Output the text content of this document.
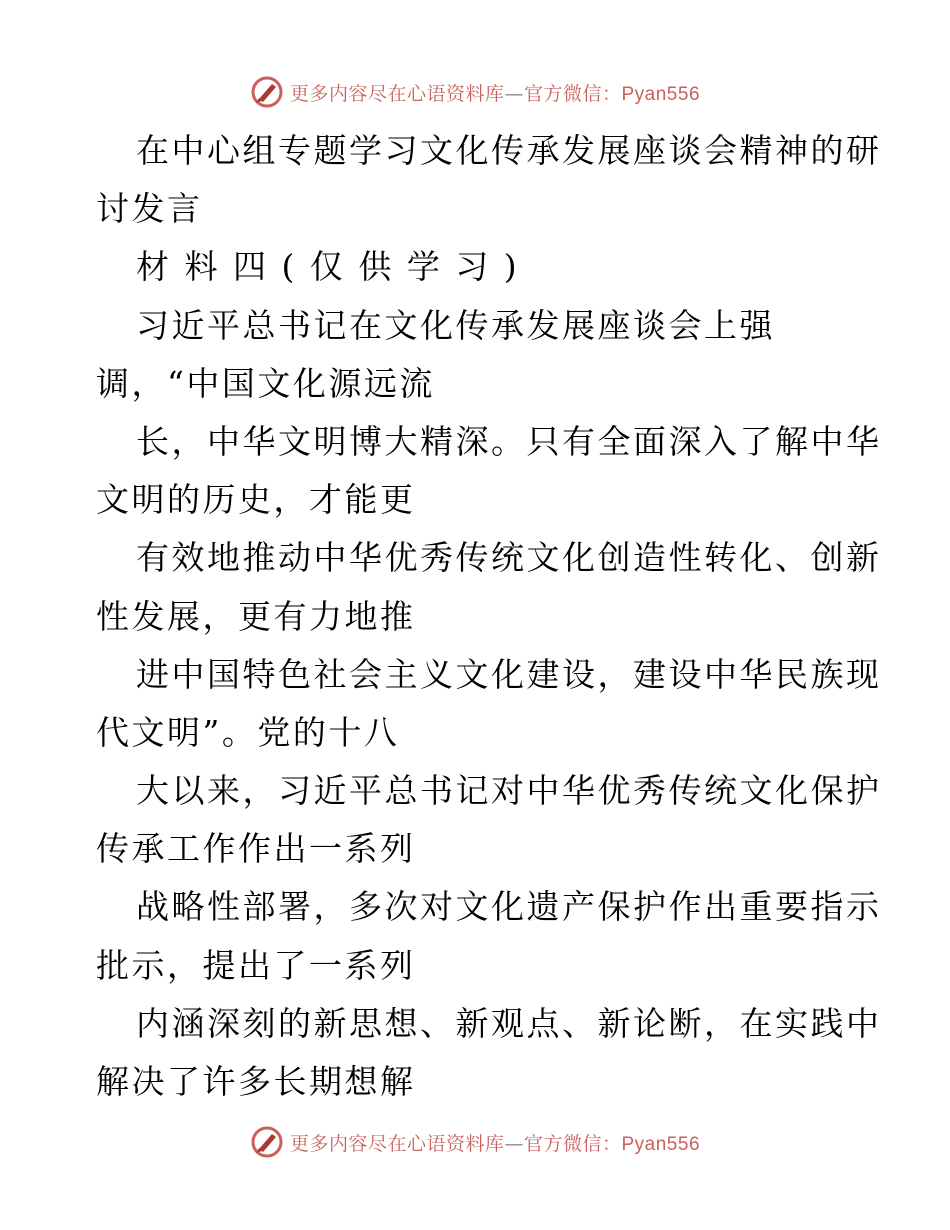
更多内容尽在心语资料库—官方微信：Pyan556
在中心组专题学习文化传承发展座谈会精神的研
讨发言
材 料 四 ( 仅 供 学 习 )
习近平总书记在文化传承发展座谈会上强
调，“中国文化源远流
长，中华文明博大精深。只有全面深入了解中华
文明的历史，才能更
有效地推动中华优秀传统文化创造性转化、创新
性发展，更有力地推
进中国特色社会主义文化建设，建设中华民族现
代文明”。党的十八
大以来，习近平总书记对中华优秀传统文化保护
传承工作作出一系列
战略性部署，多次对文化遗产保护作出重要指示
批示，提出了一系列
内涵深刻的新思想、新观点、新论断，在实践中
解决了许多长期想解
更多内容尽在心语资料库—官方微信：Pyan556
